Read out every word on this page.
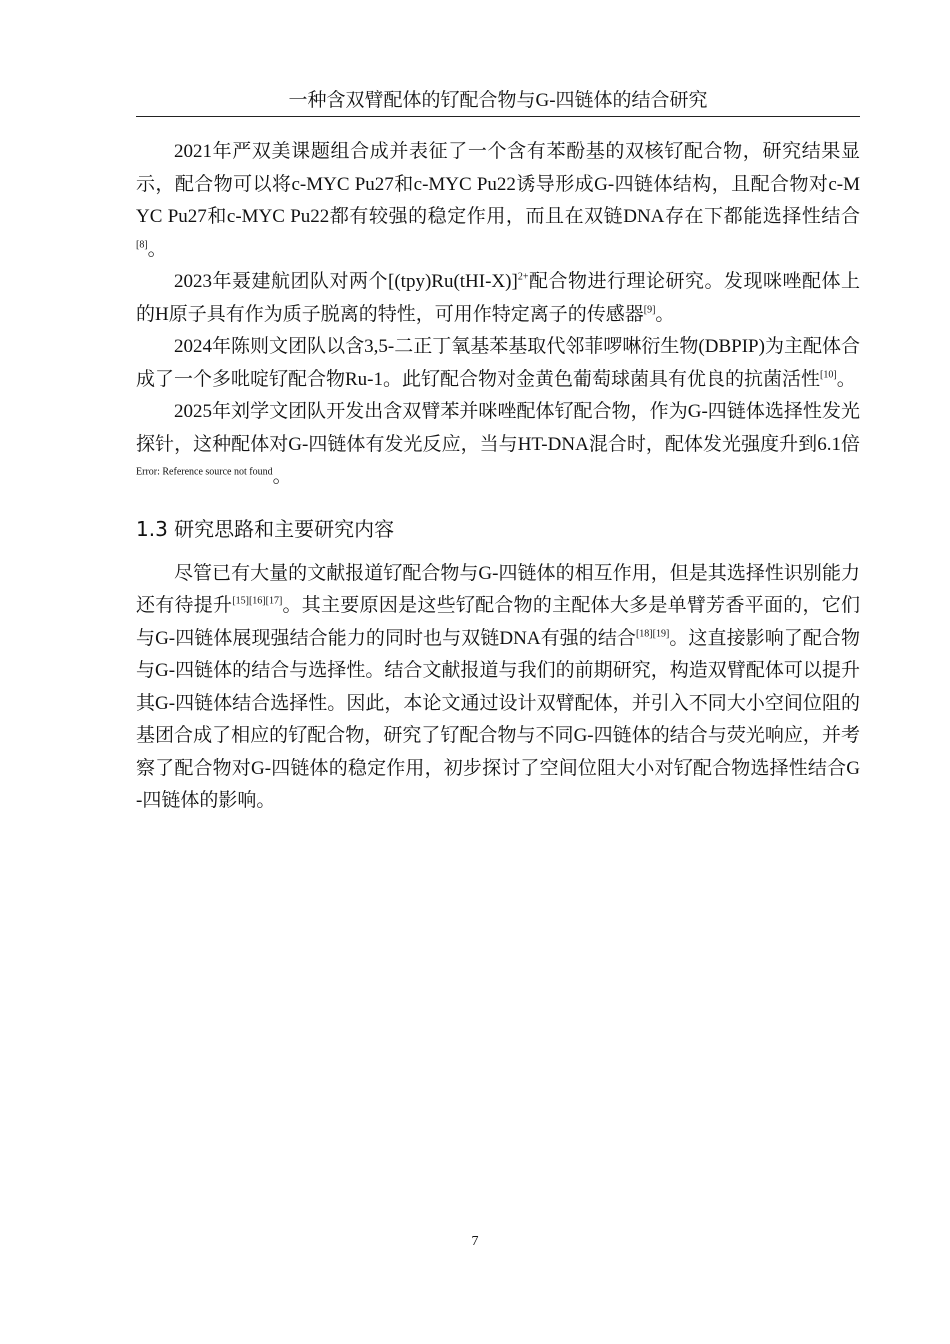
一种含双臂配体的钌配合物与G-四链体的结合研究

2021年严双美课题组合成并表征了一个含有苯酚基的双核钌配合物，研究结果显示，配合物可以将c-MYC Pu27和c-MYC Pu22诱导形成G-四链体结构，且配合物对c-MYC Pu27和c-MYC Pu22都有较强的稳定作用，而且在双链DNA存在下都能选择性结合[8]。

2023年聂建航团队对两个$[(tpy)Ru(tHI-X)]^{2+}$配合物进行理论研究。发现咪唑配体上的H原子具有作为质子脱离的特性，可用作特定离子的传感器[9]。

2024年陈则文团队以含3,5-二正丁氧基苯基取代邻菲啰啉衍生物(DBPIP)为主配体合成了一个多吡啶钌配合物Ru-1。此钌配合物对金黄色葡萄球菌具有优良的抗菌活性[10]。

2025年刘学文团队开发出含双臂苯并咪唑配体钌配合物，作为G-四链体选择性发光探针，这种配体对G-四链体有发光反应，当与HT-DNA混合时，配体发光强度升到6.1倍$^{Error: Reference source not found}$。

1.3 研究思路和主要研究内容

尽管已有大量的文献报道钌配合物与G-四链体的相互作用，但是其选择性识别能力还有待提升[15][16][17]。其主要原因是这些钌配合物的主配体大多是单臂芳香平面的，它们与G-四链体展现强结合能力的同时也与双链DNA有强的结合[18][19]。这直接影响了配合物与G-四链体的结合与选择性。结合文献报道与我们的前期研究，构造双臂配体可以提升其G-四链体结合选择性。因此，本论文通过设计双臂配体，并引入不同大小空间位阻的基团合成了相应的钌配合物，研究了钌配合物与不同G-四链体的结合与荧光响应，并考察了配合物对G-四链体的稳定作用，初步探讨了空间位阻大小对钌配合物选择性结合G-四链体的影响。

7
